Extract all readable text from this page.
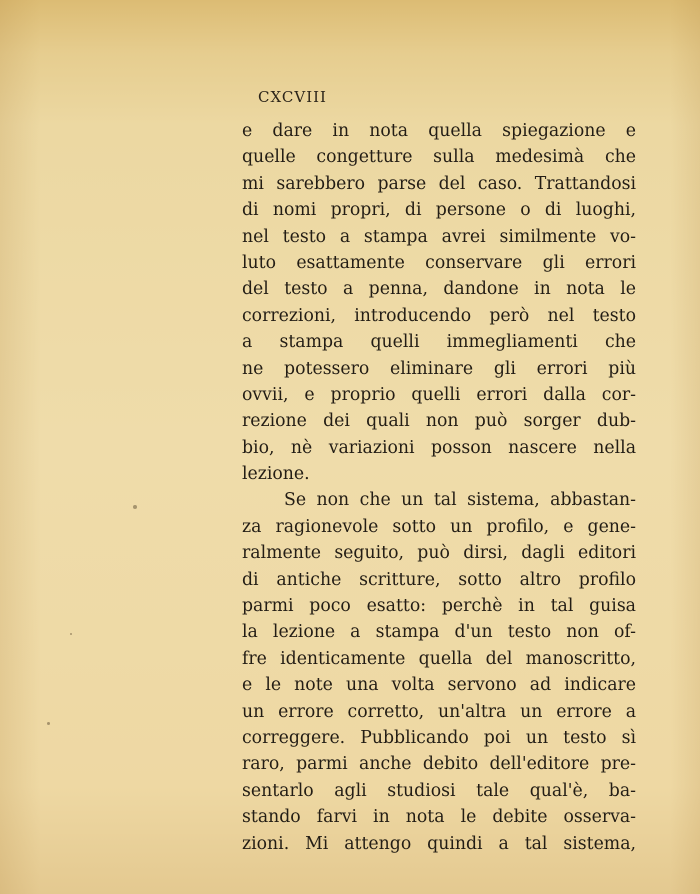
CXCVIII
e dare in nota quella spiegazione e
quelle congetture sulla medesimà che
mi sarebbero parse del caso. Trattandosi
di nomi propri, di persone o di luoghi,
nel testo a stampa avrei similmente vo-
luto esattamente conservare gli errori
del testo a penna, dandone in nota le
correzioni, introducendo però nel testo
a stampa quelli immegliamenti che
ne potessero eliminare gli errori più
ovvii, e proprio quelli errori dalla cor-
rezione dei quali non può sorger dub-
bio, nè variazioni posson nascere nella
lezione.
Se non che un tal sistema, abbastan-
za ragionevole sotto un profilo, e gene-
ralmente seguito, può dirsi, dagli editori
di antiche scritture, sotto altro profilo
parmi poco esatto: perchè in tal guisa
la lezione a stampa d'un testo non of-
fre identicamente quella del manoscritto,
e le note una volta servono ad indicare
un errore corretto, un'altra un errore a
correggere. Pubblicando poi un testo sì
raro, parmi anche debito dell'editore pre-
sentarlo agli studiosi tale qual'è, ba-
stando farvi in nota le debite osserva-
zioni. Mi attengo quindi a tal sistema,
